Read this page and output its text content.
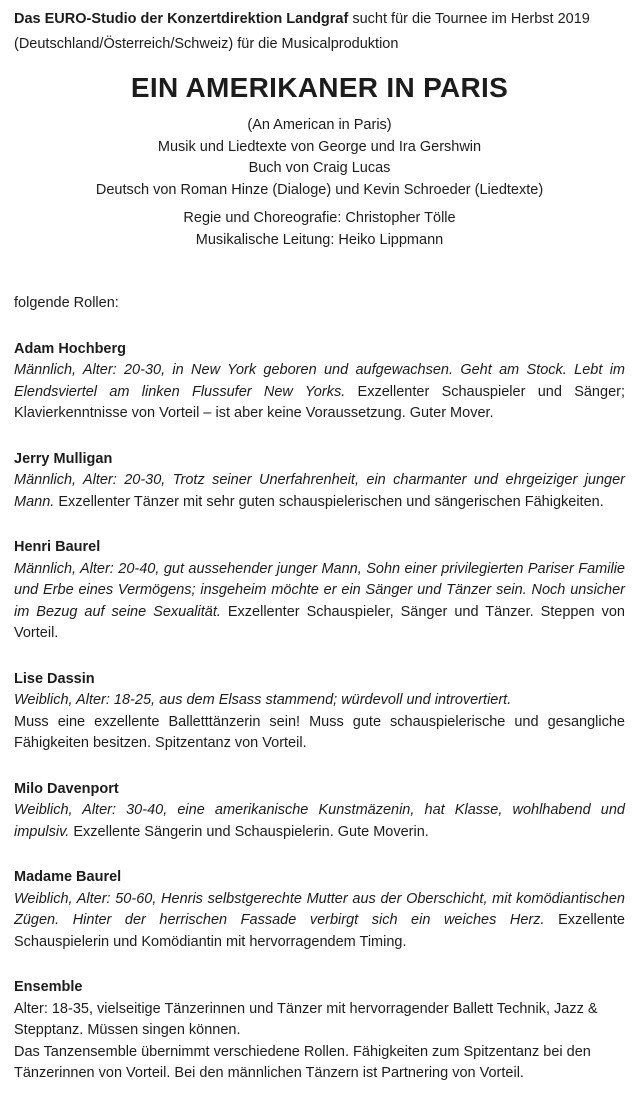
Das EURO-Studio der Konzertdirektion Landgraf sucht für die Tournee im Herbst 2019 (Deutschland/Österreich/Schweiz) für die Musicalproduktion

EIN AMERIKANER IN PARIS

(An American in Paris)

Musik und Liedtexte von George und Ira Gershwin

Buch von Craig Lucas

Deutsch von Roman Hinze (Dialoge) und Kevin Schroeder (Liedtexte)

Regie und Choreografie: Christopher Tölle

Musikalische Leitung: Heiko Lippmann

folgende Rollen:

Adam Hochberg

Männlich, Alter: 20-30, in New York geboren und aufgewachsen. Geht am Stock. Lebt im Elendsviertel am linken Flussufer New Yorks. Exzellenter Schauspieler und Sänger; Klavierkenntnisse von Vorteil – ist aber keine Voraussetzung. Guter Mover.

Jerry Mulligan

Männlich, Alter: 20-30, Trotz seiner Unerfahrenheit, ein charmanter und ehrgeiziger junger Mann. Exzellenter Tänzer mit sehr guten schauspielerischen und sängerischen Fähigkeiten.

Henri Baurel

Männlich, Alter: 20-40, gut aussehender junger Mann, Sohn einer privilegierten Pariser Familie und Erbe eines Vermögens; insgeheim möchte er ein Sänger und Tänzer sein. Noch unsicher im Bezug auf seine Sexualität. Exzellenter Schauspieler, Sänger und Tänzer. Steppen von Vorteil.

Lise Dassin

Weiblich, Alter: 18-25, aus dem Elsass stammend; würdevoll und introvertiert.
Muss eine exzellente Balletttänzerin sein! Muss gute schauspielerische und gesangliche Fähigkeiten besitzen. Spitzentanz von Vorteil.

Milo Davenport

Weiblich, Alter: 30-40, eine amerikanische Kunstmäzenin, hat Klasse, wohlhabend und impulsiv. Exzellente Sängerin und Schauspielerin. Gute Moverin.

Madame Baurel

Weiblich, Alter: 50-60, Henris selbstgerechte Mutter aus der Oberschicht, mit komödiantischen Zügen. Hinter der herrischen Fassade verbirgt sich ein weiches Herz. Exzellente Schauspielerin und Komödiantin mit hervorragendem Timing.

Ensemble

Alter: 18-35, vielseitige Tänzerinnen und Tänzer mit hervorragender Ballett Technik, Jazz & Stepptanz. Müssen singen können.
Das Tanzensemble übernimmt verschiedene Rollen. Fähigkeiten zum Spitzentanz bei den Tänzerinnen von Vorteil. Bei den männlichen Tänzern ist Partnering von Vorteil.
